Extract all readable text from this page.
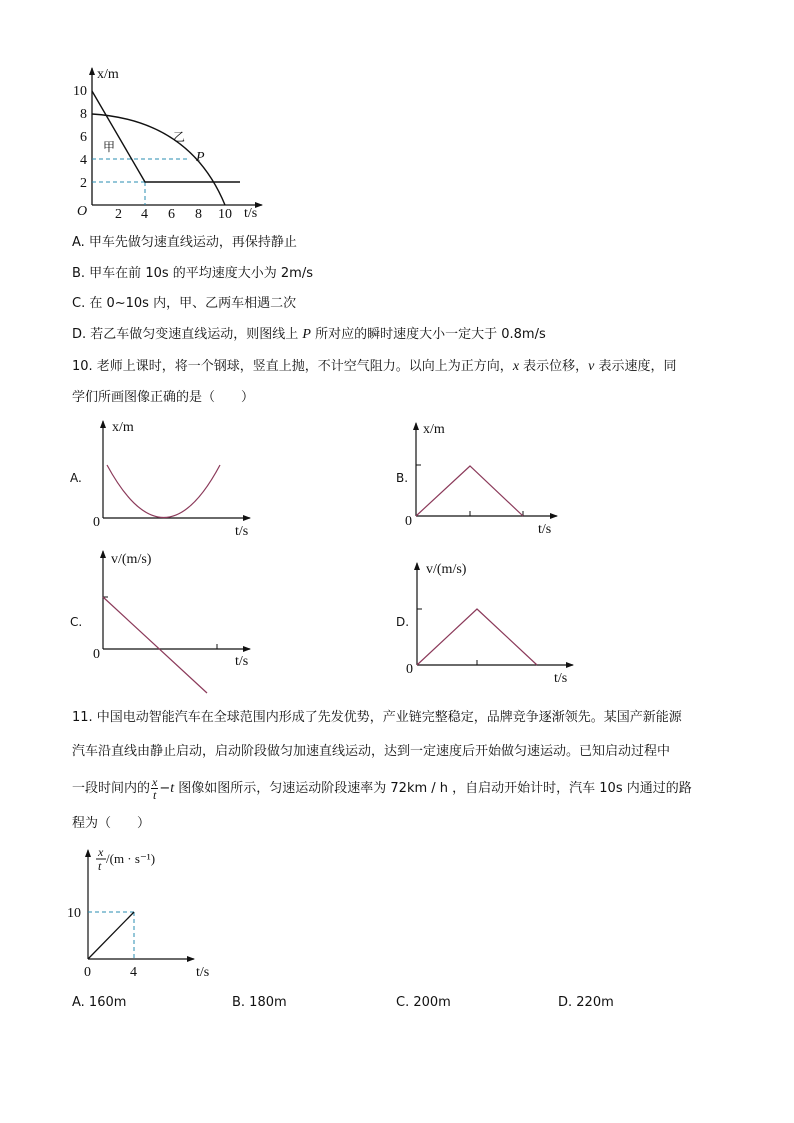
x/m
t/s
O
2
4
6
8
10
2 4 6 8 10
甲
乙
P
x/m
t/s
0
x/m
t/s
0
v/(m/s)
t/s
0
v/(m/s)
t/s
0
x
t /(m · s⁻¹)
10
0	4	t/s
A.	B.
C.	D.
A. 甲车先做匀速直线运动，再保持静止
B. 甲车在前 10s 的平均速度大小为 2m/s
C. 在 0~10s 内，甲、乙两车相遇二次
D. 若乙车做匀变速直线运动，则图线上 P 所对应的瞬时速度大小一定大于 0.8m/s
10. 老师上课时，将一个钢球，竖直上抛，不计空气阻力。以向上为正方向，x 表示位移，v 表示速度，同
学们所画图像正确的是（　　）
11. 中国电动智能汽车在全球范围内形成了先发优势，产业链完整稳定，品牌竞争逐渐领先。某国产新能源
汽车沿直线由静止启动，启动阶段做匀加速直线运动，达到一定速度后开始做匀速运动。已知启动过程中
一段时间内的 $\frac{x}{t} -t$ 图像如图所示，匀速运动阶段速率为 72km / h ，自启动开始计时，汽车 10s 内通过的路
程为（　　）
A. 160m	B. 180m	C. 200m	D. 220m
